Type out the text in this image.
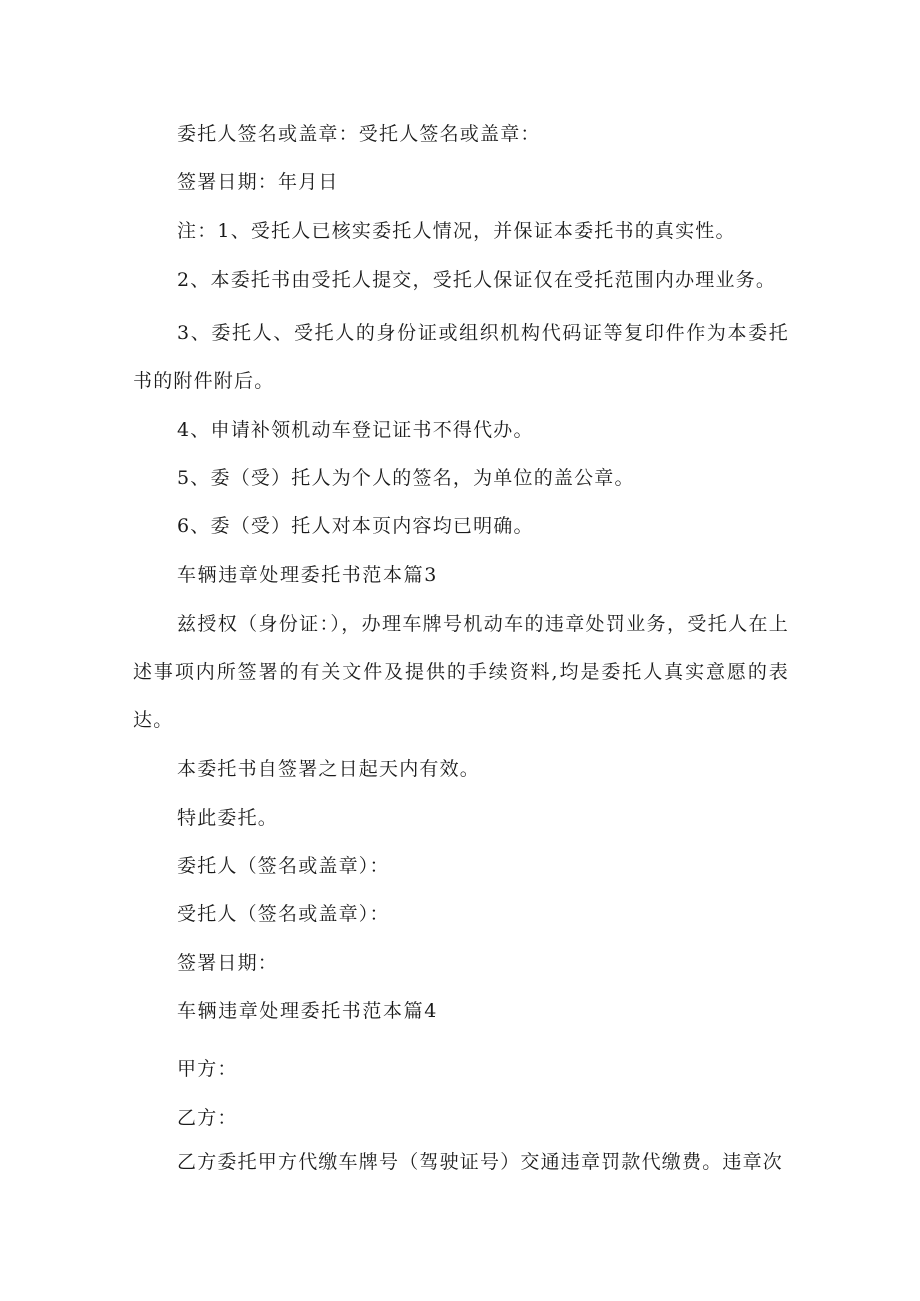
委托人签名或盖章：受托人签名或盖章：
签署日期：年月日
注：1、受托人已核实委托人情况，并保证本委托书的真实性。
2、本委托书由受托人提交，受托人保证仅在受托范围内办理业务。
3、委托人、受托人的身份证或组织机构代码证等复印件作为本委托书的附件附后。
4、申请补领机动车登记证书不得代办。
5、委（受）托人为个人的签名，为单位的盖公章。
6、委（受）托人对本页内容均已明确。
车辆违章处理委托书范本篇3
兹授权（身份证：），办理车牌号机动车的违章处罚业务，受托人在上述事项内所签署的有关文件及提供的手续资料,均是委托人真实意愿的表达。
本委托书自签署之日起天内有效。
特此委托。
委托人（签名或盖章）：
受托人（签名或盖章）：
签署日期：
车辆违章处理委托书范本篇4
甲方：
乙方：
乙方委托甲方代缴车牌号（驾驶证号）交通违章罚款代缴费。违章次
